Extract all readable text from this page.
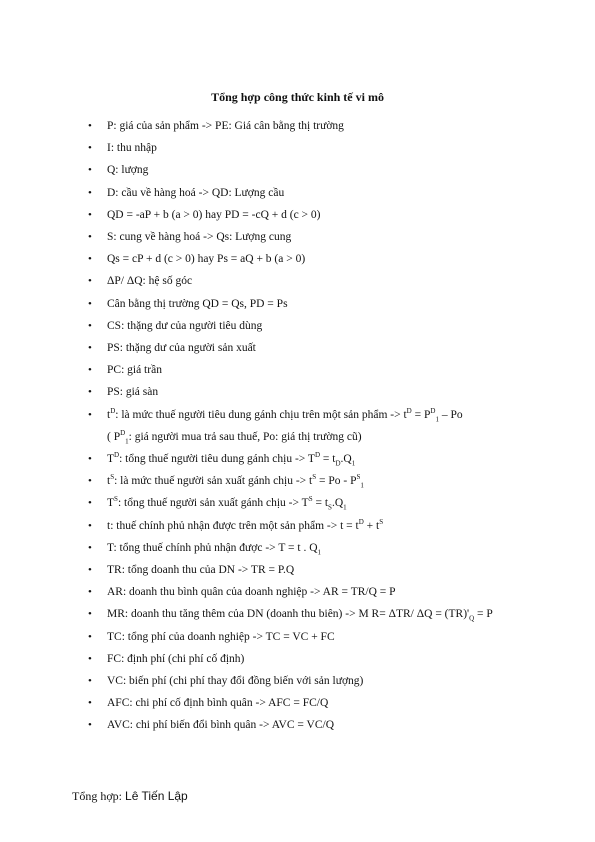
Tổng hợp công thức kinh tế vi mô
• P: giá của sản phẩm -> PE: Giá cân bằng thị trường
• I: thu nhập
• Q: lượng
• D: cầu về hàng hoá -> QD: Lượng cầu
• QD = -aP + b (a > 0) hay PD = -cQ + d (c > 0)
• S: cung về hàng hoá -> Qs: Lượng cung
• Qs = cP + d (c > 0) hay Ps = aQ + b (a > 0)
• ΔP/ ΔQ: hệ số góc
• Cân bằng thị trường QD = Qs, PD = Ps
• CS: thặng dư của người tiêu dùng
• PS: thặng dư của người sản xuất
• PC: giá trần
• PS: giá sàn
• $t^D$: là mức thuế người tiêu dung gánh chịu trên một sản phẩm -> $t^D = P^D_1 - Po$
( $P^D_1$: giá người mua trả sau thuế, Po: giá thị trường cũ)
• $T^D$: tổng thuế người tiêu dung gánh chịu -> $T^D = t_D.Q_1$
• $t^S$: là mức thuế người sản xuất gánh chịu -> $t^S = Po - P^S_1$
• $T^S$: tổng thuế người sản xuất gánh chịu -> $T^S = t_S.Q_1$
• t: thuế chính phủ nhận được trên một sản phẩm -> $t = t^D + t^S$
• T: tổng thuế chính phủ nhận được -> T = t . $Q_1$
• TR: tổng doanh thu của DN -> TR = P.Q
• AR: doanh thu bình quân của doanh nghiệp -> AR = TR/Q = P
• MR: doanh thu tăng thêm của DN (doanh thu biên) -> M R= ΔTR/ $\Delta Q = (TR)'_Q = P$
• TC: tổng phí của doanh nghiệp -> TC = VC + FC
• FC: định phí (chi phí cố định)
• VC: biến phí (chi phí thay đổi đồng biến với sản lượng)
• AFC: chi phí cố định bình quân -> AFC = FC/Q
• AVC: chi phí biến đổi bình quân -> AVC = VC/Q
Tổng hợp: Lê Tiến Lập
